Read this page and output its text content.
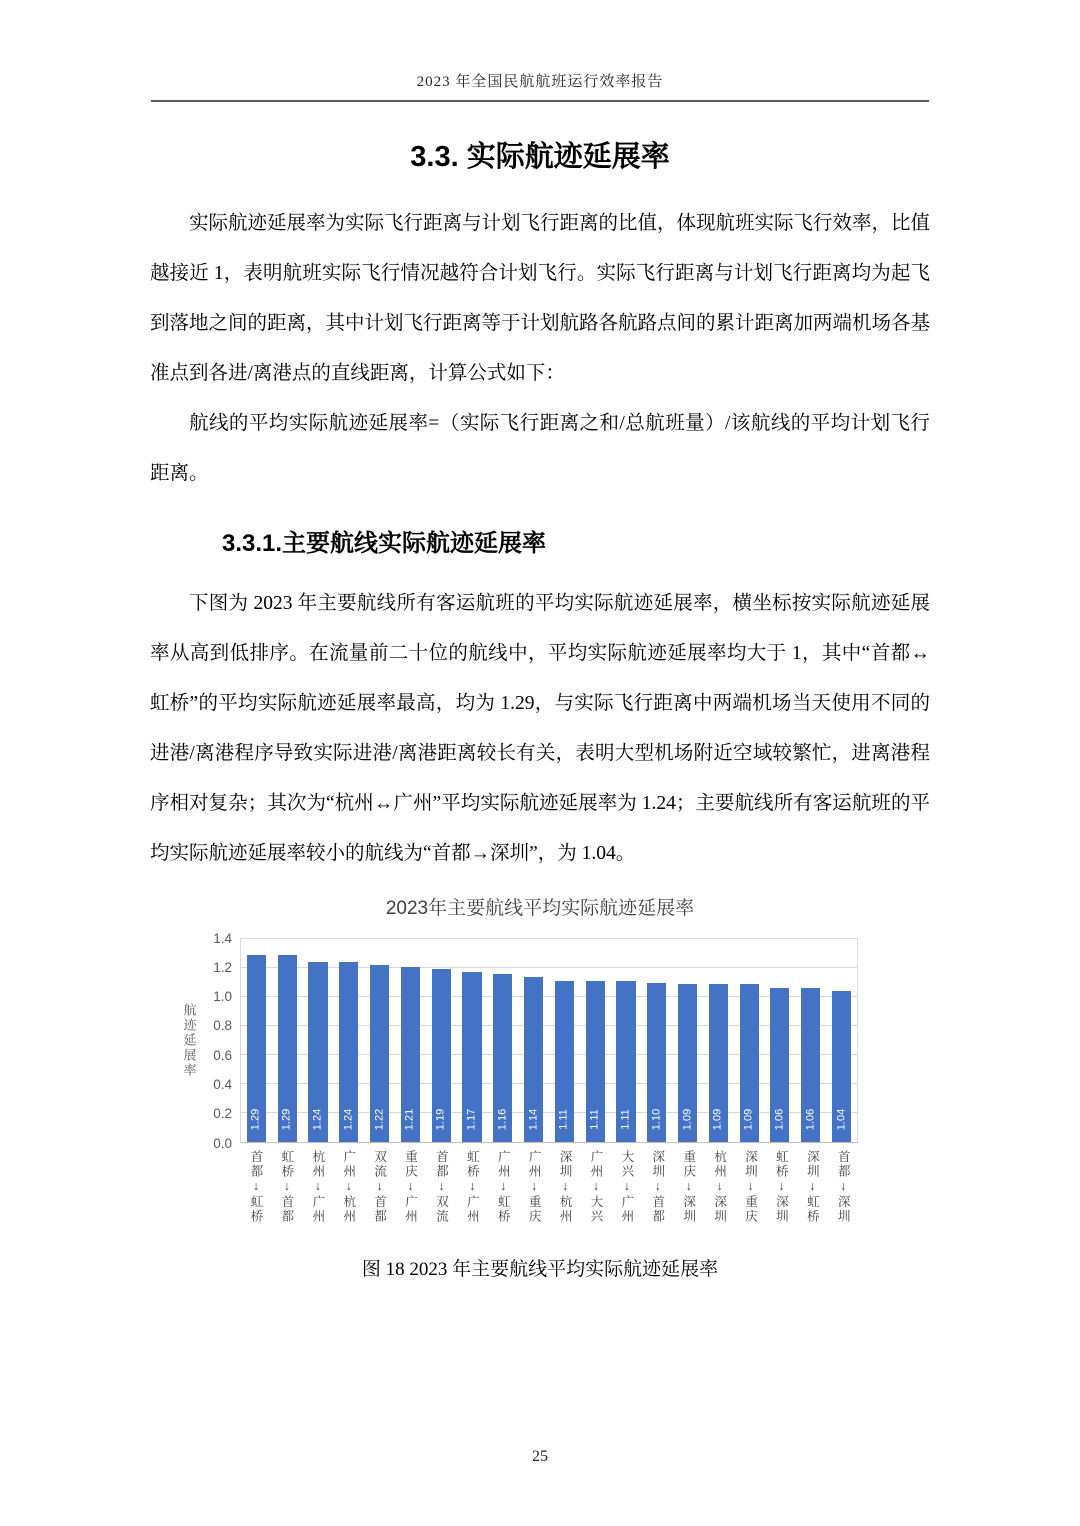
2023 年全国民航航班运行效率报告
3.3. 实际航迹延展率

实际航迹延展率为实际飞行距离与计划飞行距离的比值，体现航班实际飞行效率，比值越接近 1，表明航班实际飞行情况越符合计划飞行。实际飞行距离与计划飞行距离均为起飞到落地之间的距离，其中计划飞行距离等于计划航路各航路点间的累计距离加两端机场各基准点到各进/离港点的直线距离，计算公式如下：

航线的平均实际航迹延展率=（实际飞行距离之和/总航班量）/该航线的平均计划飞行距离。

3.3.1.主要航线实际航迹延展率

下图为 2023 年主要航线所有客运航班的平均实际航迹延展率，横坐标按实际航迹延展率从高到低排序。在流量前二十位的航线中，平均实际航迹延展率均大于 1，其中“首都↔虹桥”的平均实际航迹延展率最高，均为 1.29，与实际飞行距离中两端机场当天使用不同的进港/离港程序导致实际进港/离港距离较长有关，表明大型机场附近空域较繁忙，进离港程序相对复杂；其次为“杭州↔广州”平均实际航迹延展率为 1.24；主要航线所有客运航班的平均实际航迹延展率较小的航线为“首都→深圳”，为 1.04。

2023年主要航线平均实际航迹延展率
航迹延展率
0.0
0.2
0.4
0.6
0.8
1.0
1.2
1.4
1.29 1.29 1.24 1.24 1.22 1.21 1.19 1.17 1.16 1.14 1.11 1.11 1.11 1.10 1.09 1.09 1.09 1.06 1.06 1.04
首都↓虹桥 虹桥↓首都 杭州↓广州 广州↓杭州 双流↓首都 重庆↓广州 首都↓双流 虹桥↓广州 广州↓虹桥 广州↓重庆 深圳↓杭州 广州↓大兴 大兴↓广州 深圳↓首都 重庆↓深圳 杭州↓深圳 深圳↓重庆 虹桥↓深圳 深圳↓虹桥 首都↓深圳
图 18 2023 年主要航线平均实际航迹延展率
25
